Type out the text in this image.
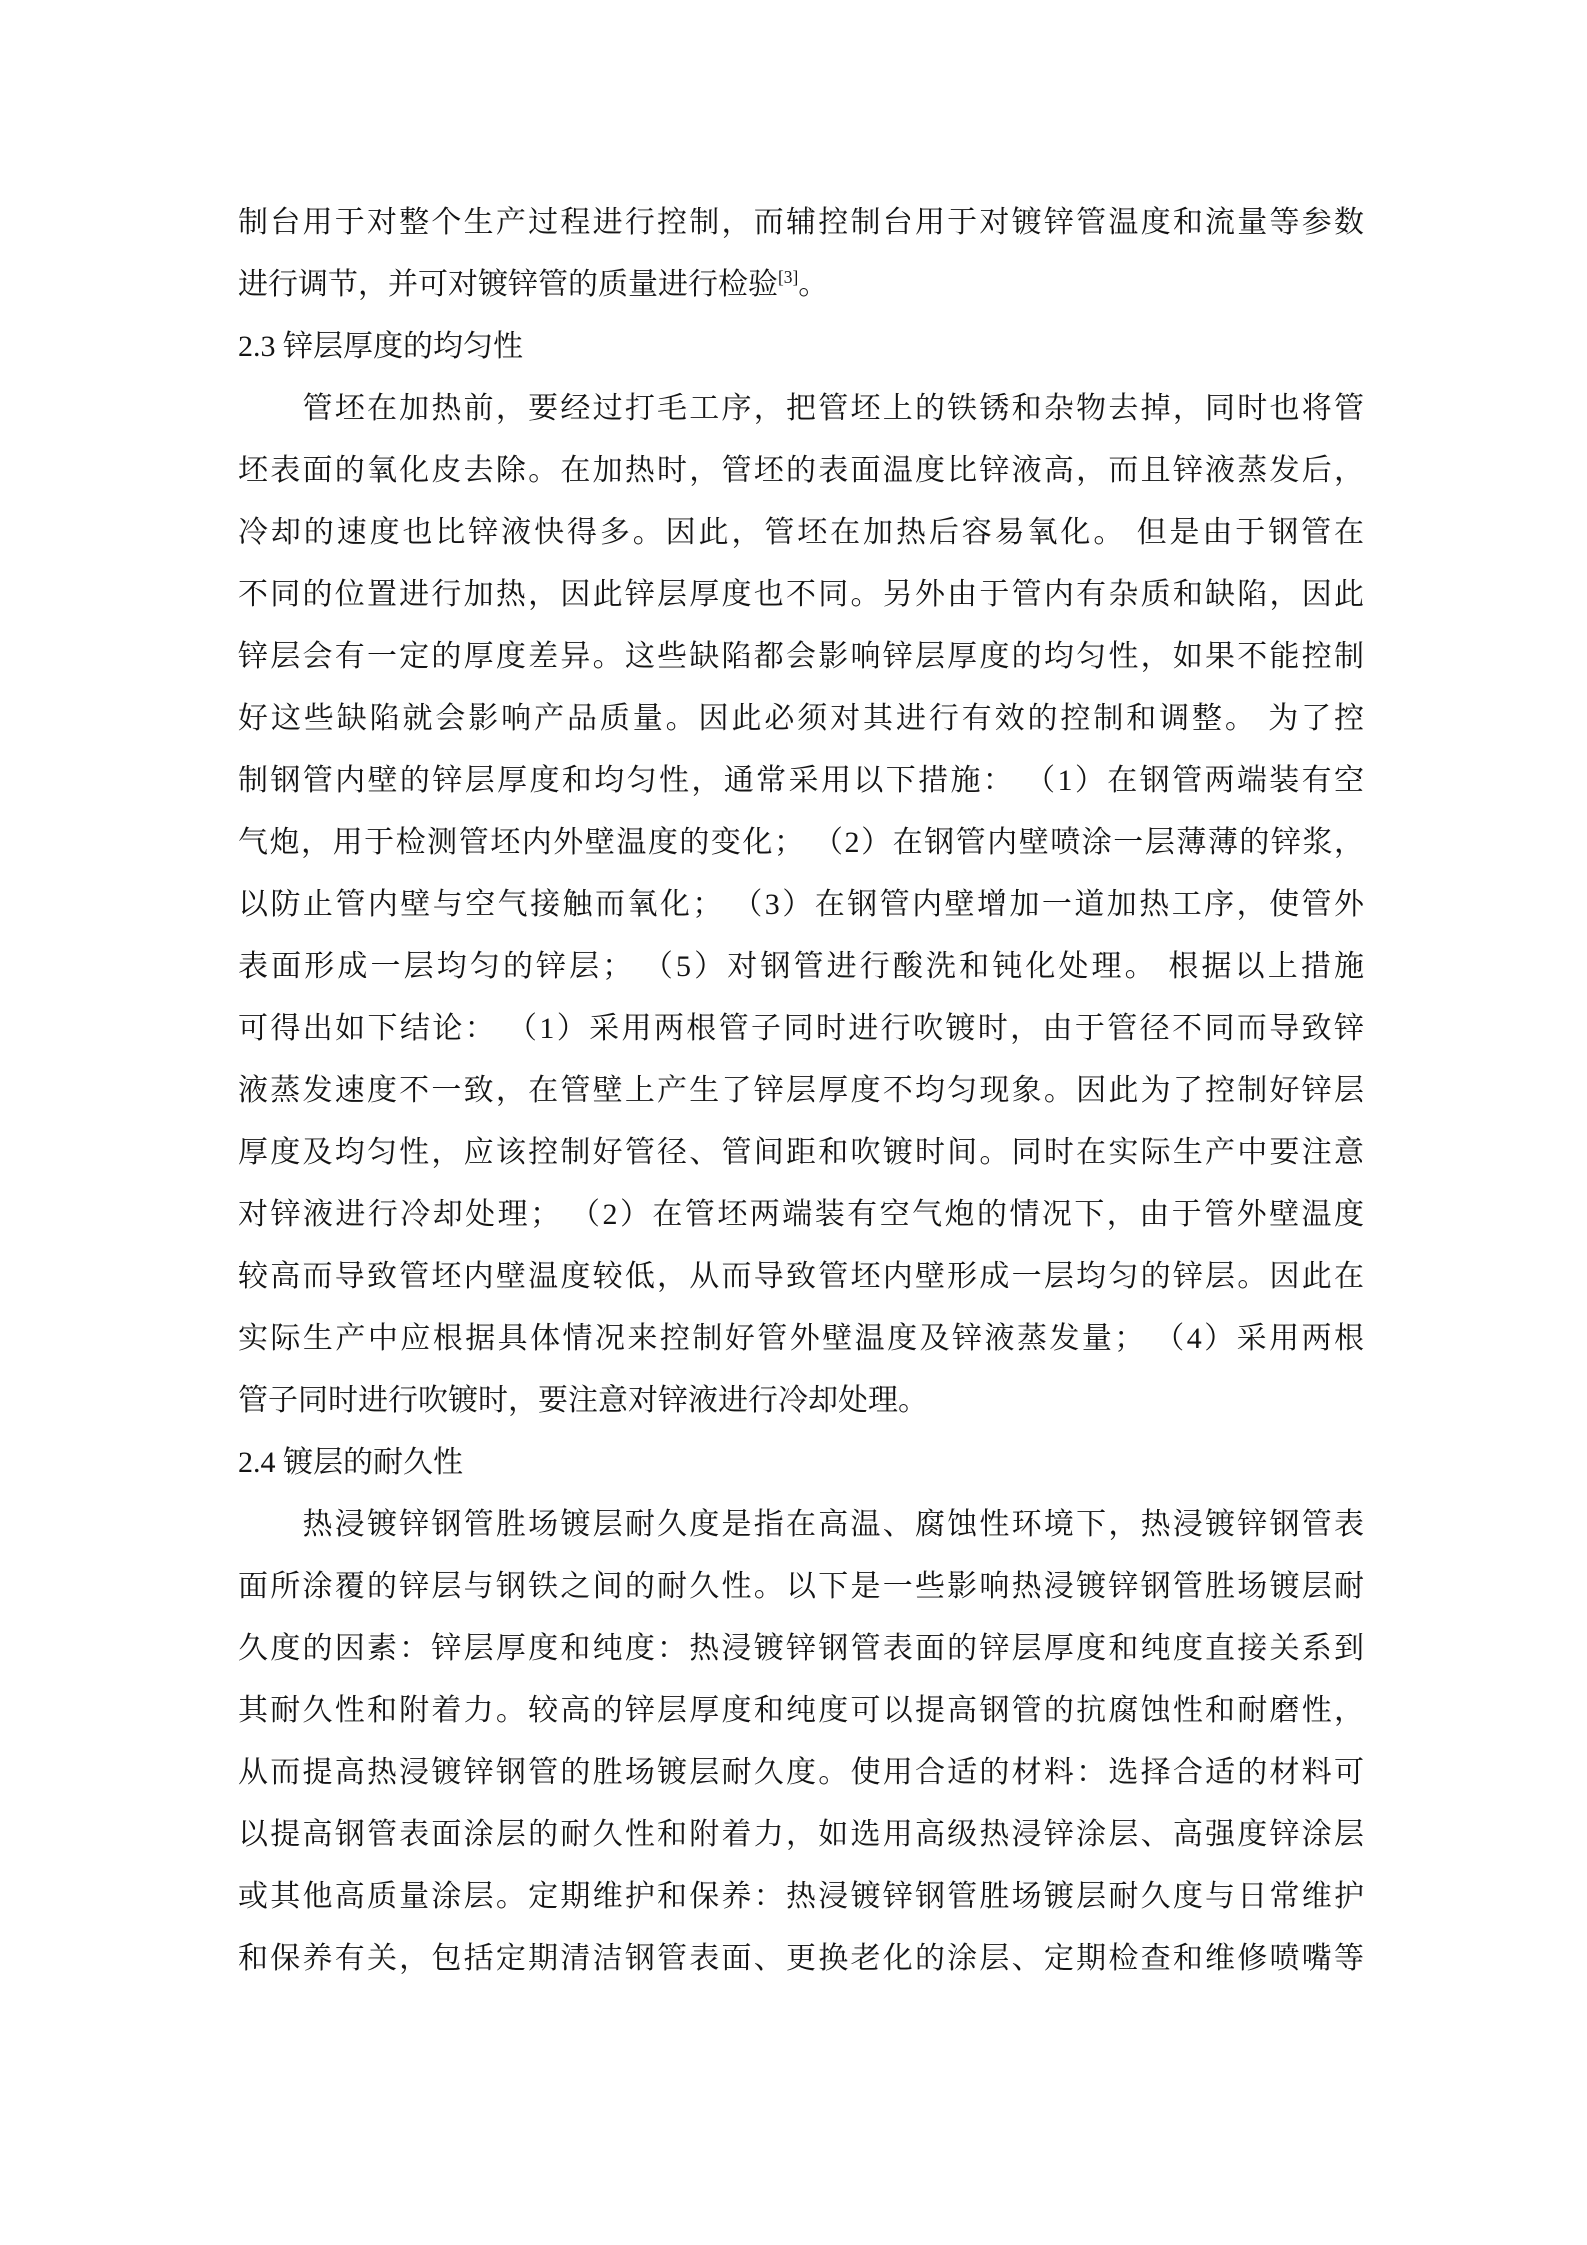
制台用于对整个生产过程进行控制，而辅控制台用于对镀锌管温度和流量等参数
进行调节，并可对镀锌管的质量进行检验[3]。
2.3 锌层厚度的均匀性
　　管坯在加热前，要经过打毛工序，把管坯上的铁锈和杂物去掉，同时也将管
坯表面的氧化皮去除。在加热时，管坯的表面温度比锌液高，而且锌液蒸发后，
冷却的速度也比锌液快得多。因此，管坯在加热后容易氧化。 但是由于钢管在
不同的位置进行加热，因此锌层厚度也不同。另外由于管内有杂质和缺陷，因此
锌层会有一定的厚度差异。这些缺陷都会影响锌层厚度的均匀性，如果不能控制
好这些缺陷就会影响产品质量。因此必须对其进行有效的控制和调整。 为了控
制钢管内壁的锌层厚度和均匀性，通常采用以下措施： （1）在钢管两端装有空
气炮，用于检测管坯内外壁温度的变化； （2）在钢管内壁喷涂一层薄薄的锌浆，
以防止管内壁与空气接触而氧化； （3）在钢管内壁增加一道加热工序，使管外
表面形成一层均匀的锌层； （5）对钢管进行酸洗和钝化处理。 根据以上措施
可得出如下结论： （1）采用两根管子同时进行吹镀时，由于管径不同而导致锌
液蒸发速度不一致，在管壁上产生了锌层厚度不均匀现象。因此为了控制好锌层
厚度及均匀性，应该控制好管径、管间距和吹镀时间。同时在实际生产中要注意
对锌液进行冷却处理； （2）在管坯两端装有空气炮的情况下，由于管外壁温度
较高而导致管坯内壁温度较低，从而导致管坯内壁形成一层均匀的锌层。因此在
实际生产中应根据具体情况来控制好管外壁温度及锌液蒸发量； （4）采用两根
管子同时进行吹镀时，要注意对锌液进行冷却处理。
2.4 镀层的耐久性
　　热浸镀锌钢管胜场镀层耐久度是指在高温、腐蚀性环境下，热浸镀锌钢管表
面所涂覆的锌层与钢铁之间的耐久性。以下是一些影响热浸镀锌钢管胜场镀层耐
久度的因素：锌层厚度和纯度：热浸镀锌钢管表面的锌层厚度和纯度直接关系到
其耐久性和附着力。较高的锌层厚度和纯度可以提高钢管的抗腐蚀性和耐磨性，
从而提高热浸镀锌钢管的胜场镀层耐久度。使用合适的材料：选择合适的材料可
以提高钢管表面涂层的耐久性和附着力，如选用高级热浸锌涂层、高强度锌涂层
或其他高质量涂层。定期维护和保养：热浸镀锌钢管胜场镀层耐久度与日常维护
和保养有关，包括定期清洁钢管表面、更换老化的涂层、定期检查和维修喷嘴等
